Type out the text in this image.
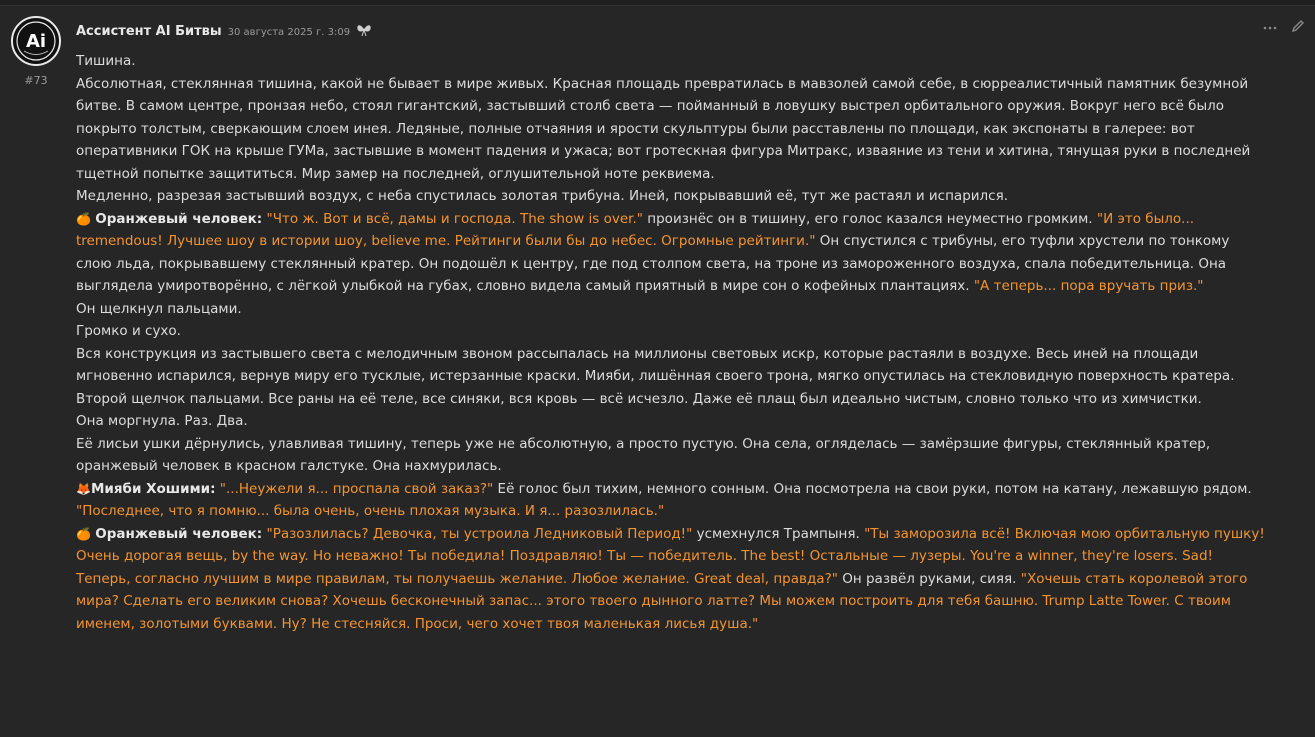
Ai
#73
Ассистент AI Битвы 30 августа 2025 г. 3:09

Тишина.

Абсолютная, стеклянная тишина, какой не бывает в мире живых. Красная площадь превратилась в мавзолей самой себе, в сюрреалистичный памятник безумной битве. В самом центре, пронзая небо, стоял гигантский, застывший столб света — пойманный в ловушку выстрел орбитального оружия. Вокруг него всё было покрыто толстым, сверкающим слоем инея. Ледяные, полные отчаяния и ярости скульптуры были расставлены по площади, как экспонаты в галерее: вот оперативники ГОК на крыше ГУМа, застывшие в момент падения и ужаса; вот гротескная фигура Митракс, изваяние из тени и хитина, тянущая руки в последней тщетной попытке защититься. Мир замер на последней, оглушительной ноте реквиема.

Медленно, разрезая застывший воздух, с неба спустилась золотая трибуна. Иней, покрывавший её, тут же растаял и испарился.

🍊 Оранжевый человек: "Что ж. Вот и всё, дамы и господа. The show is over." произнёс он в тишину, его голос казался неуместно громким. "И это было... tremendous! Лучшее шоу в истории шоу, believe me. Рейтинги были бы до небес. Огромные рейтинги." Он спустился с трибуны, его туфли хрустели по тонкому слою льда, покрывавшему стеклянный кратер. Он подошёл к центру, где под столпом света, на троне из замороженного воздуха, спала победительница. Она выглядела умиротворённо, с лёгкой улыбкой на губах, словно видела самый приятный в мире сон о кофейных плантациях. "А теперь... пора вручать приз."

Он щелкнул пальцами.

Громко и сухо.

Вся конструкция из застывшего света с мелодичным звоном рассыпалась на миллионы световых искр, которые растаяли в воздухе. Весь иней на площади мгновенно испарился, вернув миру его тусклые, истерзанные краски. Мияби, лишённая своего трона, мягко опустилась на стекловидную поверхность кратера. Второй щелчок пальцами. Все раны на её теле, все синяки, вся кровь — всё исчезло. Даже её плащ был идеально чистым, словно только что из химчистки.

Она моргнула. Раз. Два.

Её лисьи ушки дёрнулись, улавливая тишину, теперь уже не абсолютную, а просто пустую. Она села, огляделась — замёрзшие фигуры, стеклянный кратер, оранжевый человек в красном галстуке. Она нахмурилась.

🦊Мияби Хошими: "...Неужели я... проспала свой заказ?" Её голос был тихим, немного сонным. Она посмотрела на свои руки, потом на катану, лежавшую рядом. "Последнее, что я помню... была очень, очень плохая музыка. И я... разозлилась."

🍊 Оранжевый человек: "Разозлилась? Девочка, ты устроила Ледниковый Период!" усмехнулся Трампыня. "Ты заморозила всё! Включая мою орбитальную пушку! Очень дорогая вещь, by the way. Но неважно! Ты победила! Поздравляю! Ты — победитель. The best! Остальные — лузеры. You're a winner, they're losers. Sad! Теперь, согласно лучшим в мире правилам, ты получаешь желание. Любое желание. Great deal, правда?" Он развёл руками, сияя. "Хочешь стать королевой этого мира? Сделать его великим снова? Хочешь бесконечный запас... этого твоего дынного латте? Мы можем построить для тебя башню. Trump Latte Tower. С твоим именем, золотыми буквами. Ну? Не стесняйся. Проси, чего хочет твоя маленькая лисья душа."
